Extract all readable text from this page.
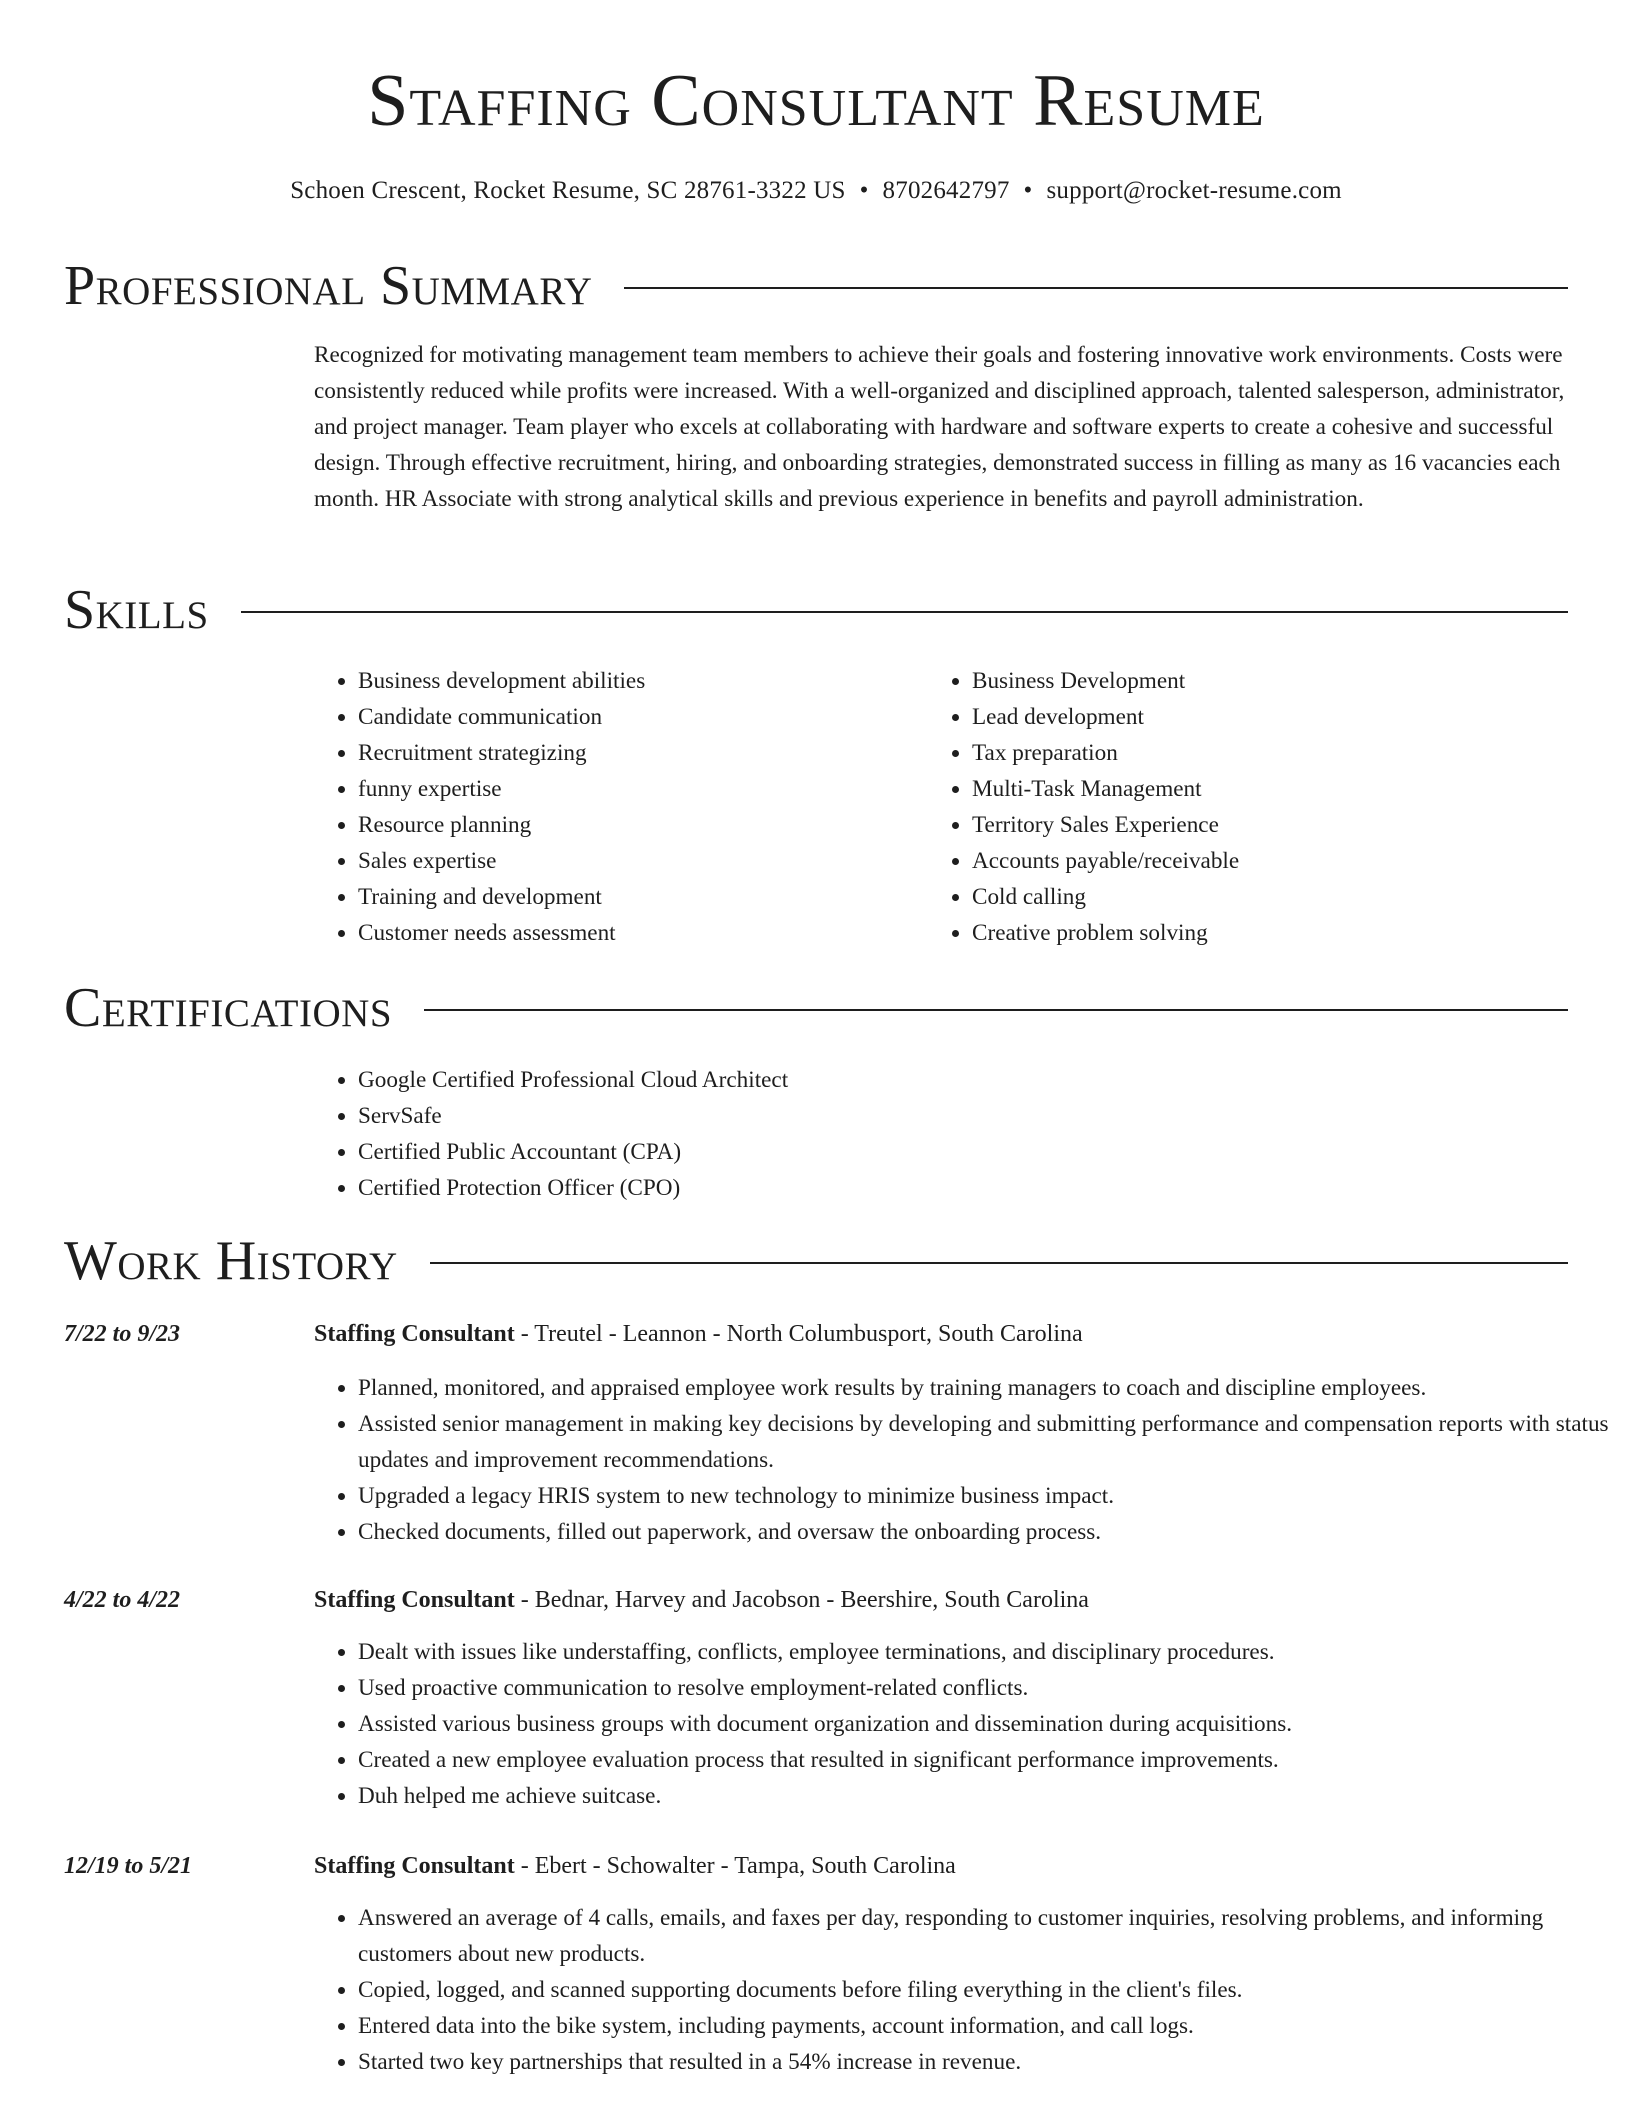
Staffing Consultant Resume
Schoen Crescent, Rocket Resume, SC 28761-3322 US • 8702642797 • support@rocket-resume.com
Professional Summary

Recognized for motivating management team members to achieve their goals and fostering innovative work environments. Costs were consistently reduced while profits were increased. With a well-organized and disciplined approach, talented salesperson, administrator, and project manager. Team player who excels at collaborating with hardware and software experts to create a cohesive and successful design. Through effective recruitment, hiring, and onboarding strategies, demonstrated success in filling as many as 16 vacancies each month. HR Associate with strong analytical skills and previous experience in benefits and payroll administration.

Skills
• Business development abilities
• Candidate communication
• Recruitment strategizing
• funny expertise
• Resource planning
• Sales expertise
• Training and development
• Customer needs assessment
• Business Development
• Lead development
• Tax preparation
• Multi-Task Management
• Territory Sales Experience
• Accounts payable/receivable
• Cold calling
• Creative problem solving
Certifications
• Google Certified Professional Cloud Architect
• ServSafe
• Certified Public Accountant (CPA)
• Certified Protection Officer (CPO)
Work History
7/22 to 9/23	Staffing Consultant - Treutel - Leannon - North Columbusport, South Carolina
• Planned, monitored, and appraised employee work results by training managers to coach and discipline employees.
• Assisted senior management in making key decisions by developing and submitting performance and compensation reports with status updates and improvement recommendations.
• Upgraded a legacy HRIS system to new technology to minimize business impact.
• Checked documents, filled out paperwork, and oversaw the onboarding process.
4/22 to 4/22	Staffing Consultant - Bednar, Harvey and Jacobson - Beershire, South Carolina
• Dealt with issues like understaffing, conflicts, employee terminations, and disciplinary procedures.
• Used proactive communication to resolve employment-related conflicts.
• Assisted various business groups with document organization and dissemination during acquisitions.
• Created a new employee evaluation process that resulted in significant performance improvements.
• Duh helped me achieve suitcase.
12/19 to 5/21	Staffing Consultant - Ebert - Schowalter - Tampa, South Carolina
• Answered an average of 4 calls, emails, and faxes per day, responding to customer inquiries, resolving problems, and informing customers about new products.
• Copied, logged, and scanned supporting documents before filing everything in the client's files.
• Entered data into the bike system, including payments, account information, and call logs.
• Started two key partnerships that resulted in a 54% increase in revenue.
